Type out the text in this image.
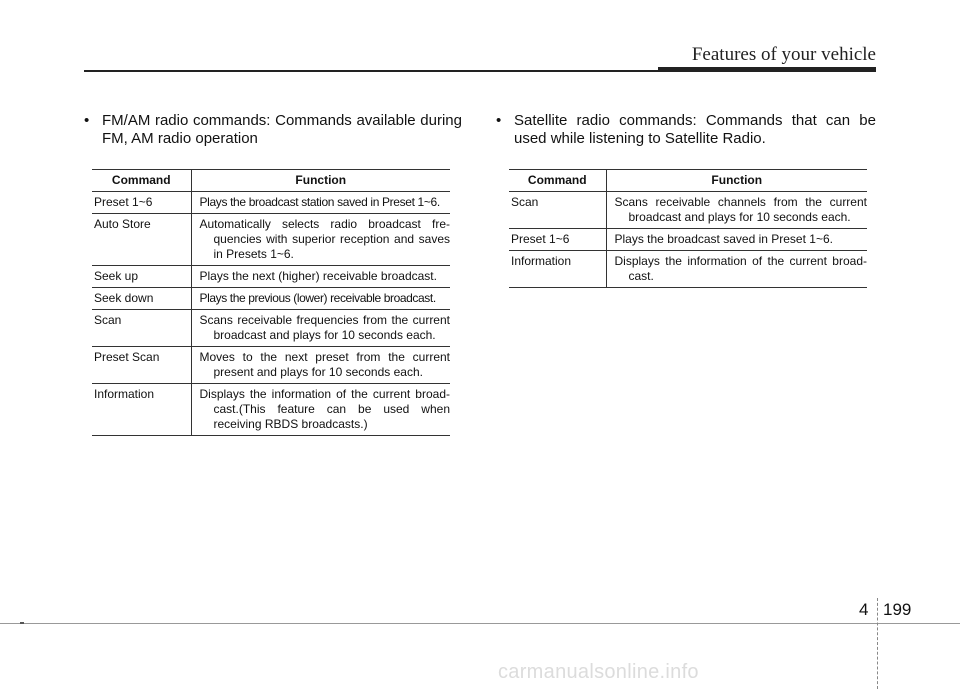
Features of your vehicle
• FM/AM radio commands: Commands available during FM, AM radio operation
Command	Function
Preset 1~6	Plays the broadcast station saved in Preset 1~6.
Auto Store	Automatically selects radio broadcast fre-quencies with superior reception and saves in Presets 1~6.

Seek up	Plays the next (higher) receivable broadcast.
Seek down	Plays the previous (lower) receivable broadcast.
Scan	Scans receivable frequencies from the current broadcast and plays for 10 seconds each.

Preset Scan	Moves to the next preset from the current present and plays for 10 seconds each.

Information	Displays the information of the current broad-cast.(This feature can be used when receiving RBDS broadcasts.)
• Satellite radio commands: Commands that can be used while listening to Satellite Radio.
Command	Function
Scan	Scans receivable channels from the current broadcast and plays for 10 seconds each.

Preset 1~6	Plays the broadcast saved in Preset 1~6.
Information	Displays the information of the current broad-cast.
4 199
carmanualsonline.info
